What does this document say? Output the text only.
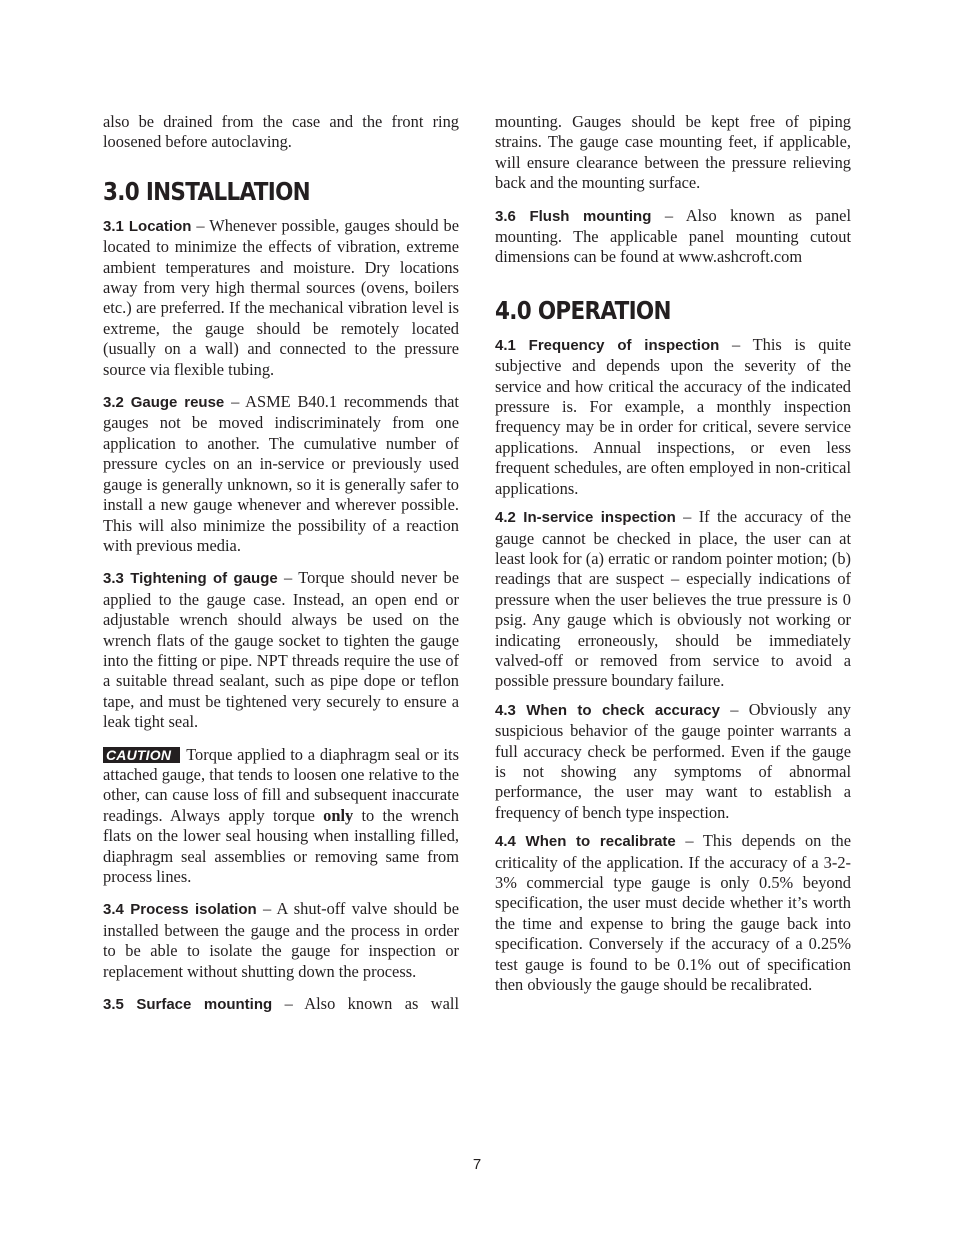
also be drained from the case and the front ring loosened before autoclaving.

3.0 INSTALLATION

3.1 Location – Whenever possible, gauges should be located to minimize the effects of vibration, extreme ambient temperatures and moisture. Dry locations away from very high thermal sources (ovens, boilers etc.) are preferred. If the mechanical vibration level is extreme, the gauge should be remotely located (usually on a wall) and connected to the pressure source via flexible tubing.

3.2 Gauge reuse – ASME B40.1 recommends that gauges not be moved indiscriminately from one application to another. The cumulative number of pressure cycles on an in-service or previously used gauge is generally unknown, so it is generally safer to install a new gauge whenever and wherever possible. This will also minimize the possibility of a reaction with previous media.

3.3 Tightening of gauge – Torque should never be applied to the gauge case. Instead, an open end or adjustable wrench should always be used on the wrench flats of the gauge socket to tighten the gauge into the fitting or pipe. NPT threads require the use of a suitable thread sealant, such as pipe dope or teflon tape, and must be tightened very securely to ensure a leak tight seal.

CAUTION Torque applied to a diaphragm seal or its attached gauge, that tends to loosen one relative to the other, can cause loss of fill and subsequent inaccurate readings. Always apply torque only to the wrench flats on the lower seal housing when installing filled, diaphragm seal assemblies or removing same from process lines.

3.4 Process isolation – A shut-off valve should be installed between the gauge and the process in order to be able to isolate the gauge for inspection or replacement without shutting down the process.

3.5 Surface mounting – Also known as wall

mounting. Gauges should be kept free of piping strains. The gauge case mounting feet, if applicable, will ensure clearance between the pressure relieving back and the mounting surface.

3.6 Flush mounting – Also known as panel mounting. The applicable panel mounting cutout dimensions can be found at www.ashcroft.com

4.0 OPERATION

4.1 Frequency of inspection – This is quite subjective and depends upon the severity of the service and how critical the accuracy of the indicated pressure is. For example, a monthly inspection frequency may be in order for critical, severe service applications. Annual inspections, or even less frequent schedules, are often employed in non-critical applications.

4.2 In-service inspection – If the accuracy of the gauge cannot be checked in place, the user can at least look for (a) erratic or random pointer motion; (b) readings that are suspect – especially indications of pressure when the user believes the true pressure is 0 psig. Any gauge which is obviously not working or indicating erroneously, should be immediately valved-off or removed from service to avoid a possible pressure boundary failure.

4.3 When to check accuracy – Obviously any suspicious behavior of the gauge pointer warrants a full accuracy check be performed. Even if the gauge is not showing any symptoms of abnormal performance, the user may want to establish a frequency of bench type inspection.

4.4 When to recalibrate – This depends on the criticality of the application. If the accuracy of a 3-2-3% commercial type gauge is only 0.5% beyond specification, the user must decide whether it’s worth the time and expense to bring the gauge back into specification. Conversely if the accuracy of a 0.25% test gauge is found to be 0.1% out of specification then obviously the gauge should be recalibrated.

7
